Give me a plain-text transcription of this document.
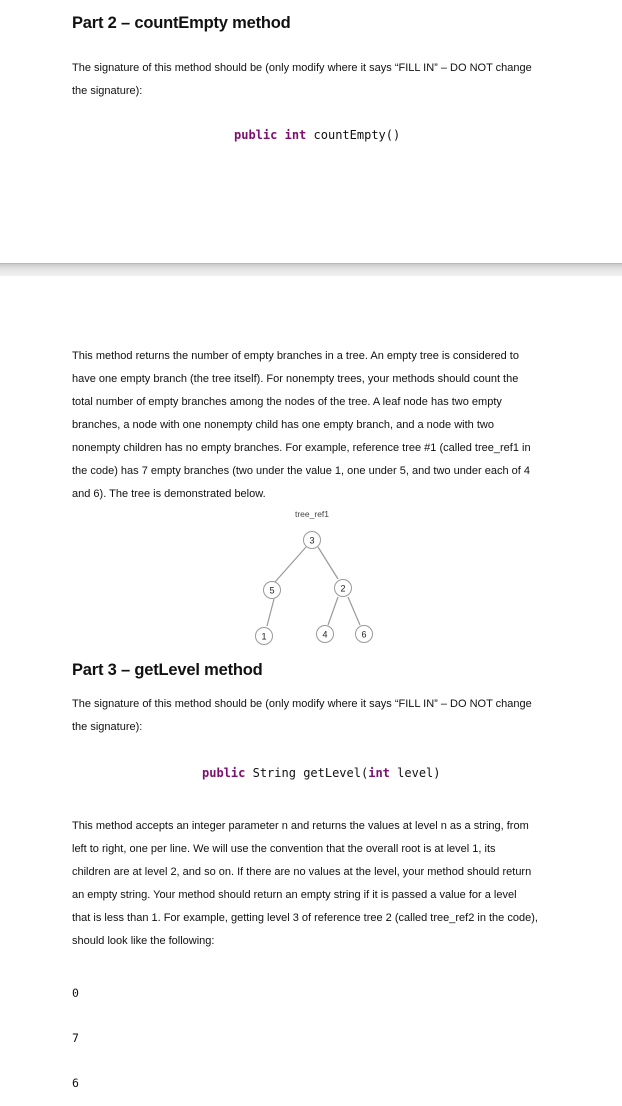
Part 2 – countEmpty method
The signature of this method should be (only modify where it says “FILL IN” – DO NOT change
the signature):
public int countEmpty()
This method returns the number of empty branches in a tree. An empty tree is considered to
have one empty branch (the tree itself). For nonempty trees, your methods should count the
total number of empty branches among the nodes of the tree. A leaf node has two empty
branches, a node with one nonempty child has one empty branch, and a node with two
nonempty children has no empty branches. For example, reference tree #1 (called tree_ref1 in
the code) has 7 empty branches (two under the value 1, one under 5, and two under each of 4
and 6). The tree is demonstrated below.
tree_ref1
3
5	2
1	4	6
Part 3 – getLevel method
The signature of this method should be (only modify where it says “FILL IN” – DO NOT change
the signature):
public String getLevel(int level)
This method accepts an integer parameter n and returns the values at level n as a string, from
left to right, one per line. We will use the convention that the overall root is at level 1, its
children are at level 2, and so on. If there are no values at the level, your method should return
an empty string. Your method should return an empty string if it is passed a value for a level
that is less than 1. For example, getting level 3 of reference tree 2 (called tree_ref2 in the code),
should look like the following:

0

7

6
